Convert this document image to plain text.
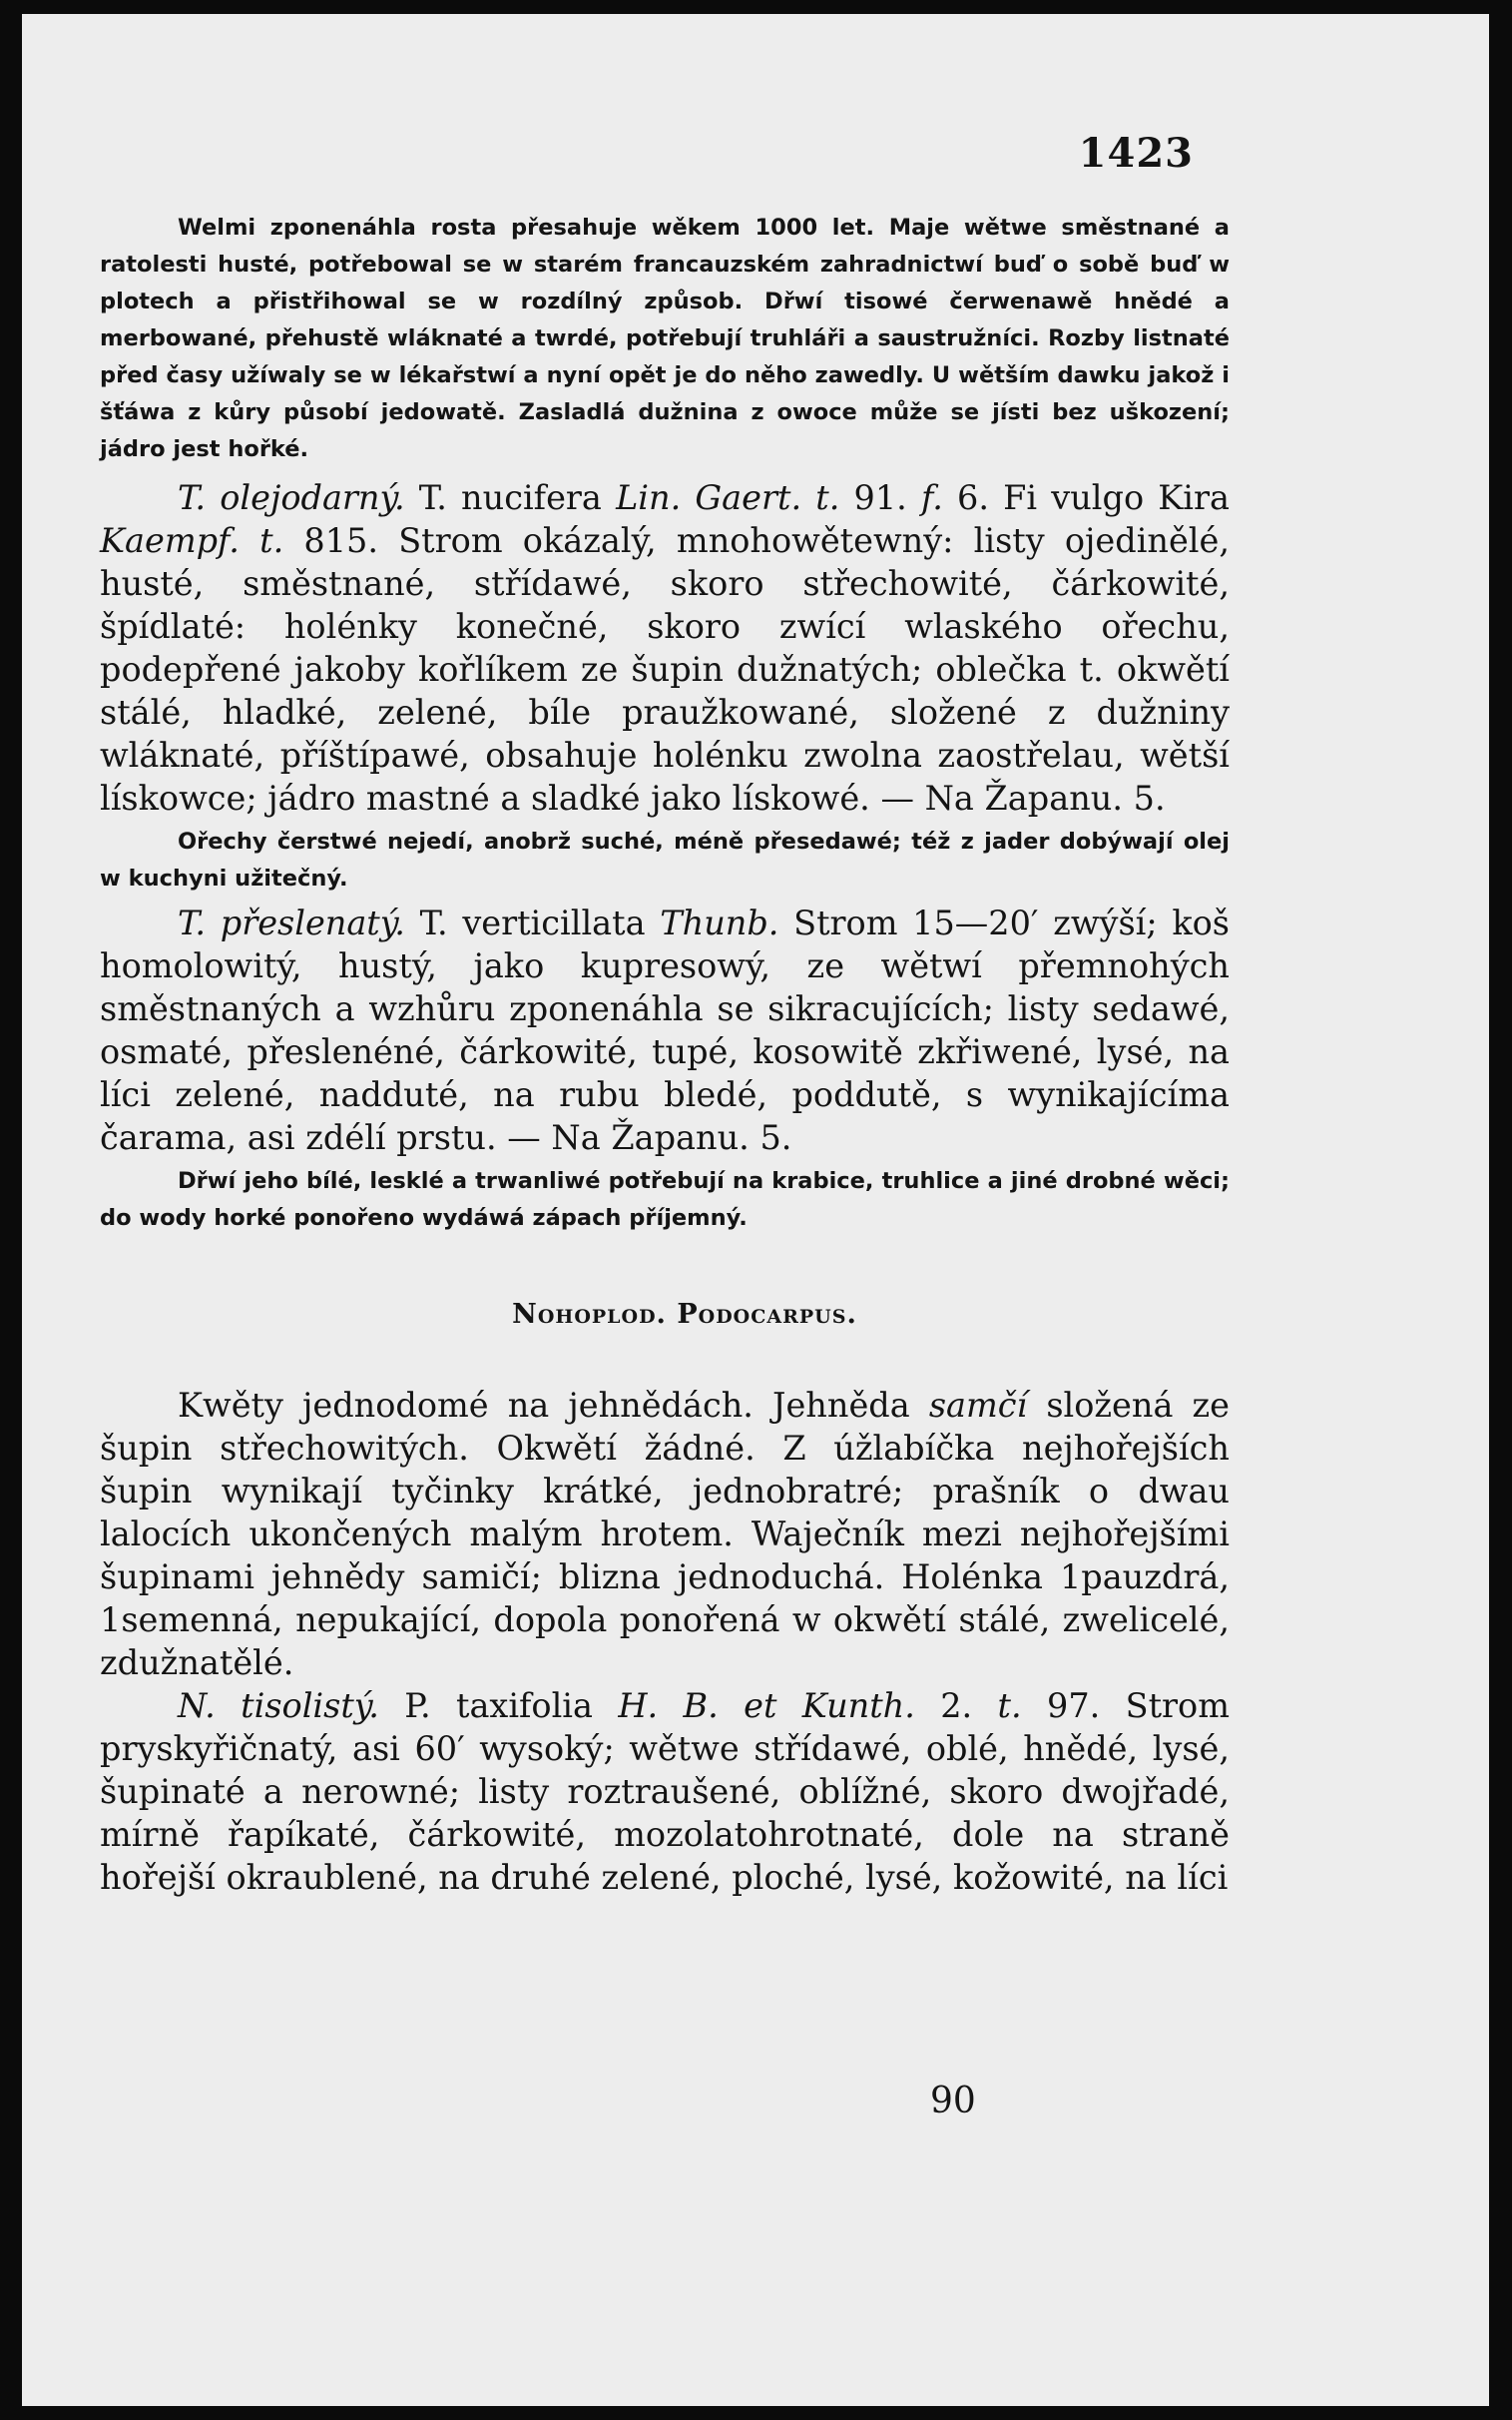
1423

Welmi zponenáhla rosta přesahuje wěkem 1000 let. Maje wětwe směstnané a ratolesti husté, potřebowal se w starém francauzském zahradnictwí buď o sobě buď w plotech a přistřihowal se w rozdílný způsob. Dřwí tisowé čerwenawě hnědé a merbowané, přehustě wláknaté a twrdé, potřebují truhláři a saustružníci. Rozby listnaté před časy užíwaly se w lékařstwí a nyní opět je do něho zawedly. U wětším dawku jakož i šťáwa z kůry působí jedowatě. Zasladlá dužnina z owoce může se jísti bez uškození; jádro jest hořké.

T. olejodarný. T. nucifera Lin. Gaert. t. 91. f. 6. Fi vulgo Kira Kaempf. t. 815. Strom okázalý, mnohowětewný: listy ojedinělé, husté, směstnané, střídawé, skoro střechowité, čárkowité, špídlaté: holénky konečné, skoro zwící wlaského ořechu, podepřené jakoby kořlíkem ze šupin dužnatých; oblečka t. okwětí stálé, hladké, zelené, bíle praužkowané, složené z dužniny wláknaté, příštípawé, obsahuje holénku zwolna zaostřelau, wětší lískowce; jádro mastné a sladké jako lískowé. — Na Žapanu. 5.

Ořechy čerstwé nejedí, anobrž suché, méně přesedawé; též z jader dobýwají olej w kuchyni užitečný.

T. přeslenatý. T. verticillata Thunb. Strom 15—20′ zwýší; koš homolowitý, hustý, jako kupresowý, ze wětwí přemnohých směstnaných a wzhůru zponenáhla se sikracujících; listy sedawé, osmaté, přeslenéné, čárkowité, tupé, kosowitě zkřiwené, lysé, na líci zelené, nadduté, na rubu bledé, poddutě, s wynikajícíma čarama, asi zdélí prstu. — Na Žapanu. 5.

Dřwí jeho bílé, lesklé a trwanliwé potřebují na krabice, truhlice a jiné drobné wěci; do wody horké ponořeno wydáwá zápach příjemný.

Nohoplod. Podocarpus.

Kwěty jednodomé na jehnědách. Jehněda samčí složená ze šupin střechowitých. Okwětí žádné. Z úžlabíčka nejhořejších šupin wynikají tyčinky krátké, jednobratré; prašník o dwau lalocích ukončených malým hrotem. Waječník mezi nejhořejšími šupinami jehnědy samičí; blizna jednoduchá. Holénka 1pauzdrá, 1semenná, nepukající, dopola ponořená w okwětí stálé, zwelicelé, zdužnatělé.

N. tisolistý. P. taxifolia H. B. et Kunth. 2. t. 97. Strom pryskyřičnatý, asi 60′ wysoký; wětwe střídawé, oblé, hnědé, lysé, šupinaté a nerowné; listy roztraušené, oblížné, skoro dwojřadé, mírně řapíkaté, čárkowité, mozolatohrotnaté, dole na straně hořejší okraublené, na druhé zelené, ploché, lysé, kožowité, na líci

90
